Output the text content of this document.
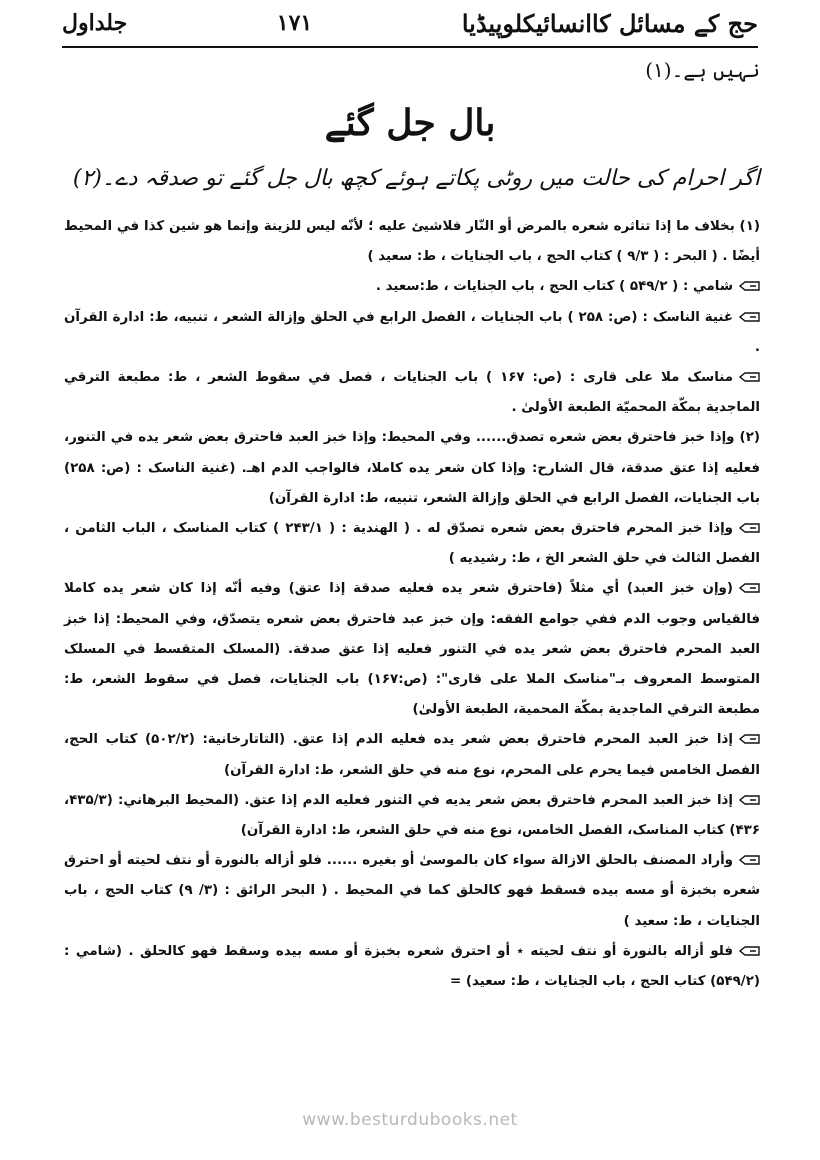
حج کے مسائل کاانسائیکلوپیڈیا
۱۷۱
جلداول
نہیں ہے۔(۱)
بال جل گئے
اگر احرام کی حالت میں روٹی پکاتے ہوئے کچھ بال جل گئے تو صدقہ دے۔(۲)

(۱) بخلاف ما إذا تناثره شعره بالمرض أو النّار فلاشيئ عليه ؛ لأنّه ليس للزينة وإنما هو شين كذا في المحيط أيضًا . ( البحر : ( ۹/۳ ) كتاب الحج ، باب الجنايات ، ط: سعيد )

شامي : ( ۵۴۹/۲ ) كتاب الحج ، باب الجنايات ، ط:سعيد .

غنية الناسک : (ص: ۲۵۸ ) باب الجنايات ، الفصل الرابع في الحلق وإزالة الشعر ، تنبيه، ط: ادارة القرآن .

مناسک ملا علی قاری : (ص: ۱۶۷ ) باب الجنايات ، فصل في سقوط الشعر ، ط: مطبعة الترقي الماجدية بمكّة المحميّة الطبعة الأولىٰ .

(۲) وإذا خبز فاحترق بعض شعره تصدق...... وفي المحيط: وإذا خبز العبد فاحترق بعض شعر يده في التنور، فعليه إذا عتق صدقة، قال الشارح: وإذا كان شعر يده كاملا، فالواجب الدم اهـ. (غنية الناسک : (ص: ۲۵۸) باب الجنايات، الفصل الرابع في الحلق وإزالة الشعر، تنبيه، ط: ادارة القرآن)

وإذا خبز المحرم فاحترق بعض شعره تصدّق له . ( الهندية : ( ۲۴۳/۱ ) كتاب المناسک ، الباب الثامن ، الفصل الثالث في حلق الشعر الخ ، ط: رشيديه )

(وإن خبز العبد) أي مثلاً (فاحترق شعر يده فعليه صدقة إذا عتق) وفيه أنّه إذا كان شعر يده كاملا فالقياس وجوب الدم ففي جوامع الفقه: وإن خبز عبد فاحترق بعض شعره يتصدّق، وفي المحيط: إذا خبز العبد المحرم فاحترق بعض شعر يده في التنور فعليه إذا عتق صدقة. (المسلک المتقسط في المسلک المتوسط المعروف بـ"مناسک الملا علی قاری": (ص:۱۶۷) باب الجنايات، فصل في سقوط الشعر، ط: مطبعة الترقي الماجدية بمكّة المحمية، الطبعة الأولىٰ)

إذا خبز العبد المحرم فاحترق بعض شعر يده فعليه الدم إذا عتق. (التاتارخانية: (۵۰۲/۲) كتاب الحج، الفصل الخامس فيما يحرم على المحرم، نوع منه في حلق الشعر، ط: ادارة القرآن)

إذا خبز العبد المحرم فاحترق بعض شعر يديه في التنور فعليه الدم إذا عتق. (المحيط البرهاني: (۴۳۵/۳، ۴۳۶) كتاب المناسک، الفصل الخامس، نوع منه في حلق الشعر، ط: ادارة القرآن)

وأراد المصنف بالحلق الازالة سواء كان بالموسىٰ أو بغيره ...... فلو أزاله بالنورة أو نتف لحيته أو احترق شعره بخبزة أو مسه بيده فسقط فهو كالحلق كما في المحيط . ( البحر الرائق : (۳/ ۹) كتاب الحج ، باب الجنايات ، ط: سعيد )

فلو أزاله بالنورة أو نتف لحيته ٭ أو احترق شعره بخبزة أو مسه بيده وسقط فهو كالحلق . (شامي : (۵۴۹/۲) كتاب الحج ، باب الجنايات ، ط: سعيد) =

www.besturdubooks.net
